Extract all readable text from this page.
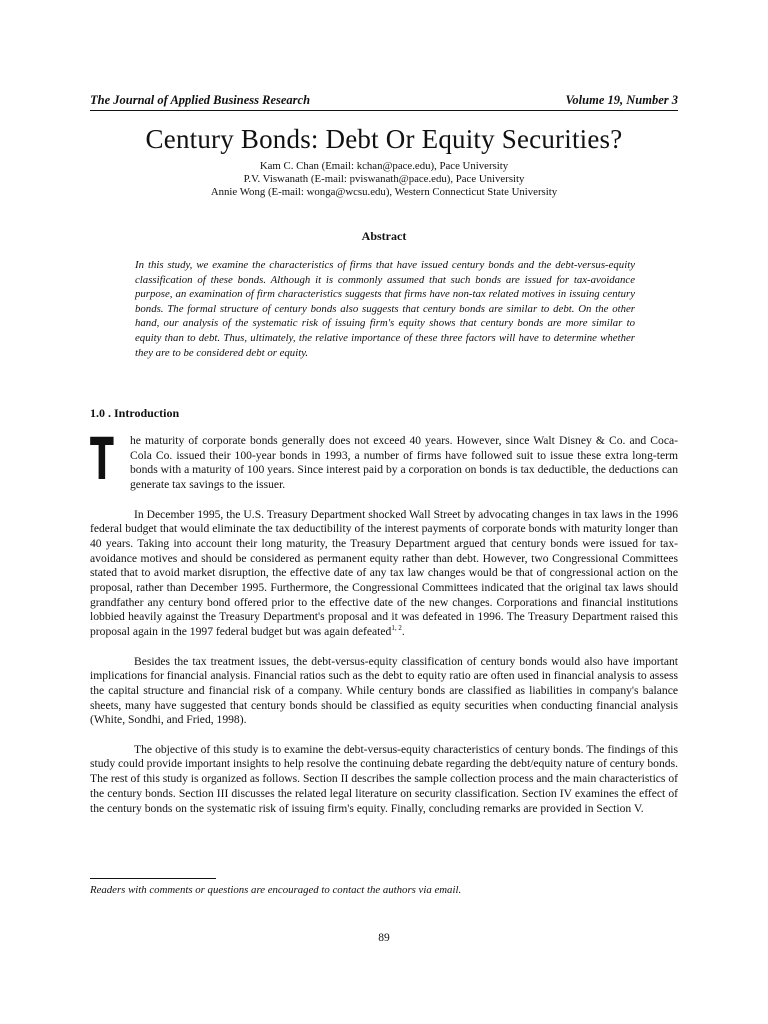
The Journal of Applied Business Research	Volume 19, Number 3
Century Bonds: Debt Or Equity Securities?
Kam C. Chan (Email: kchan@pace.edu), Pace University
P.V. Viswanath (E-mail: pviswanath@pace.edu), Pace University
Annie Wong (E-mail: wonga@wcsu.edu), Western Connecticut State University
Abstract
In this study, we examine the characteristics of firms that have issued century bonds and the debt-versus-equity classification of these bonds. Although it is commonly assumed that such bonds are issued for tax-avoidance purpose, an examination of firm characteristics suggests that firms have non-tax related motives in issuing century bonds. The formal structure of century bonds also suggests that century bonds are similar to debt. On the other hand, our analysis of the systematic risk of issuing firm's equity shows that century bonds are more similar to equity than to debt. Thus, ultimately, the relative importance of these three factors will have to determine whether they are to be considered debt or equity.
1.0 . Introduction

T he maturity of corporate bonds generally does not exceed 40 years. However, since Walt Disney & Co. and Coca-Cola Co. issued their 100-year bonds in 1993, a number of firms have followed suit to issue these extra long-term bonds with a maturity of 100 years. Since interest paid by a corporation on bonds is tax deductible, the deductions can generate tax savings to the issuer.

In December 1995, the U.S. Treasury Department shocked Wall Street by advocating changes in tax laws in the 1996 federal budget that would eliminate the tax deductibility of the interest payments of corporate bonds with maturity longer than 40 years. Taking into account their long maturity, the Treasury Department argued that century bonds were issued for tax-avoidance motives and should be considered as permanent equity rather than debt. However, two Congressional Committees stated that to avoid market disruption, the effective date of any tax law changes would be that of congressional action on the proposal, rather than December 1995. Furthermore, the Congressional Committees indicated that the original tax laws should grandfather any century bond offered prior to the effective date of the new changes. Corporations and financial institutions lobbied heavily against the Treasury Department's proposal and it was defeated in 1996. The Treasury Department raised this proposal again in the 1997 federal budget but was again defeated$^{1, 2}$.

Besides the tax treatment issues, the debt-versus-equity classification of century bonds would also have important implications for financial analysis. Financial ratios such as the debt to equity ratio are often used in financial analysis to assess the capital structure and financial risk of a company. While century bonds are classified as liabilities in company's balance sheets, many have suggested that century bonds should be classified as equity securities when conducting financial analysis (White, Sondhi, and Fried, 1998).

The objective of this study is to examine the debt-versus-equity characteristics of century bonds. The findings of this study could provide important insights to help resolve the continuing debate regarding the debt/equity nature of century bonds. The rest of this study is organized as follows. Section II describes the sample collection process and the main characteristics of the century bonds. Section III discusses the related legal literature on security classification. Section IV examines the effect of the century bonds on the systematic risk of issuing firm's equity. Finally, concluding remarks are provided in Section V.

Readers with comments or questions are encouraged to contact the authors via email.
89
